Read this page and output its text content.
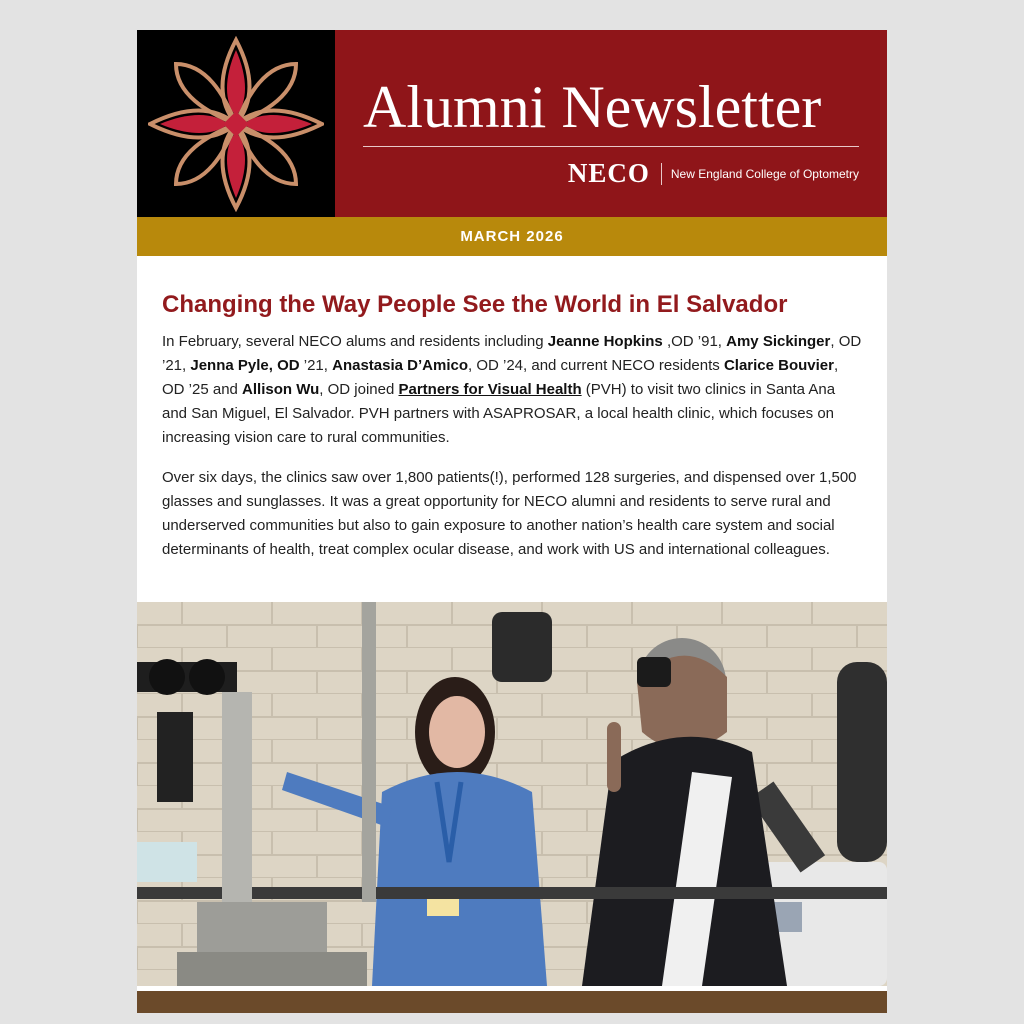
Alumni Newsletter
NECO New England College of Optometry
MARCH 2026
Changing the Way People See the World in El Salvador

In February, several NECO alums and residents including Jeanne Hopkins ,OD ’91, Amy Sickinger, OD ’21, Jenna Pyle, OD ’21, Anastasia D’Amico, OD ’24, and current NECO residents Clarice Bouvier, OD ’25 and Allison Wu, OD joined Partners for Visual Health (PVH) to visit two clinics in Santa Ana and San Miguel, El Salvador. PVH partners with ASAPROSAR, a local health clinic, which focuses on increasing vision care to rural communities.

Over six days, the clinics saw over 1,800 patients(!), performed 128 surgeries, and dispensed over 1,500 glasses and sunglasses. It was a great opportunity for NECO alumni and residents to serve rural and underserved communities but also to gain exposure to another nation’s health care system and social determinants of health, treat complex ocular disease, and work with US and international colleagues.
